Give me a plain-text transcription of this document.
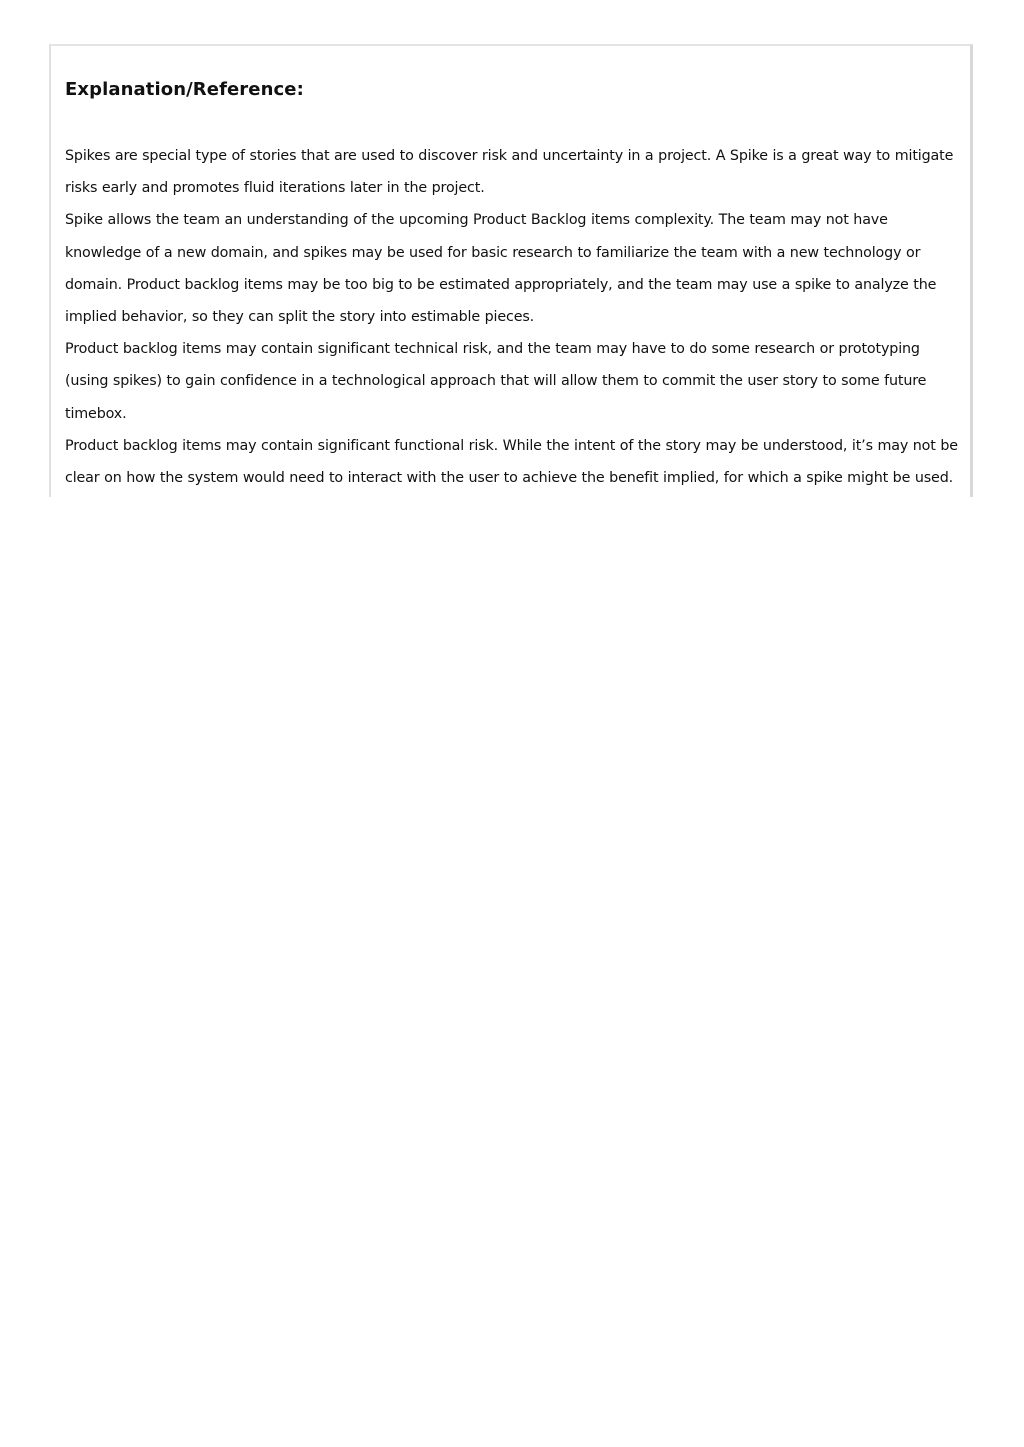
Explanation/Reference:

Spikes are special type of stories that are used to discover risk and uncertainty in a project. A Spike is a great way to mitigate risks early and promotes fluid iterations later in the project.

Spike allows the team an understanding of the upcoming Product Backlog items complexity. The team may not have knowledge of a new domain, and spikes may be used for basic research to familiarize the team with a new technology or domain. Product backlog items may be too big to be estimated appropriately, and the team may use a spike to analyze the implied behavior, so they can split the story into estimable pieces.

Product backlog items may contain significant technical risk, and the team may have to do some research or prototyping (using spikes) to gain confidence in a technological approach that will allow them to commit the user story to some future timebox.

Product backlog items may contain significant functional risk. While the intent of the story may be understood, it’s may not be clear on how the system would need to interact with the user to achieve the benefit implied, for which a spike might be used.
